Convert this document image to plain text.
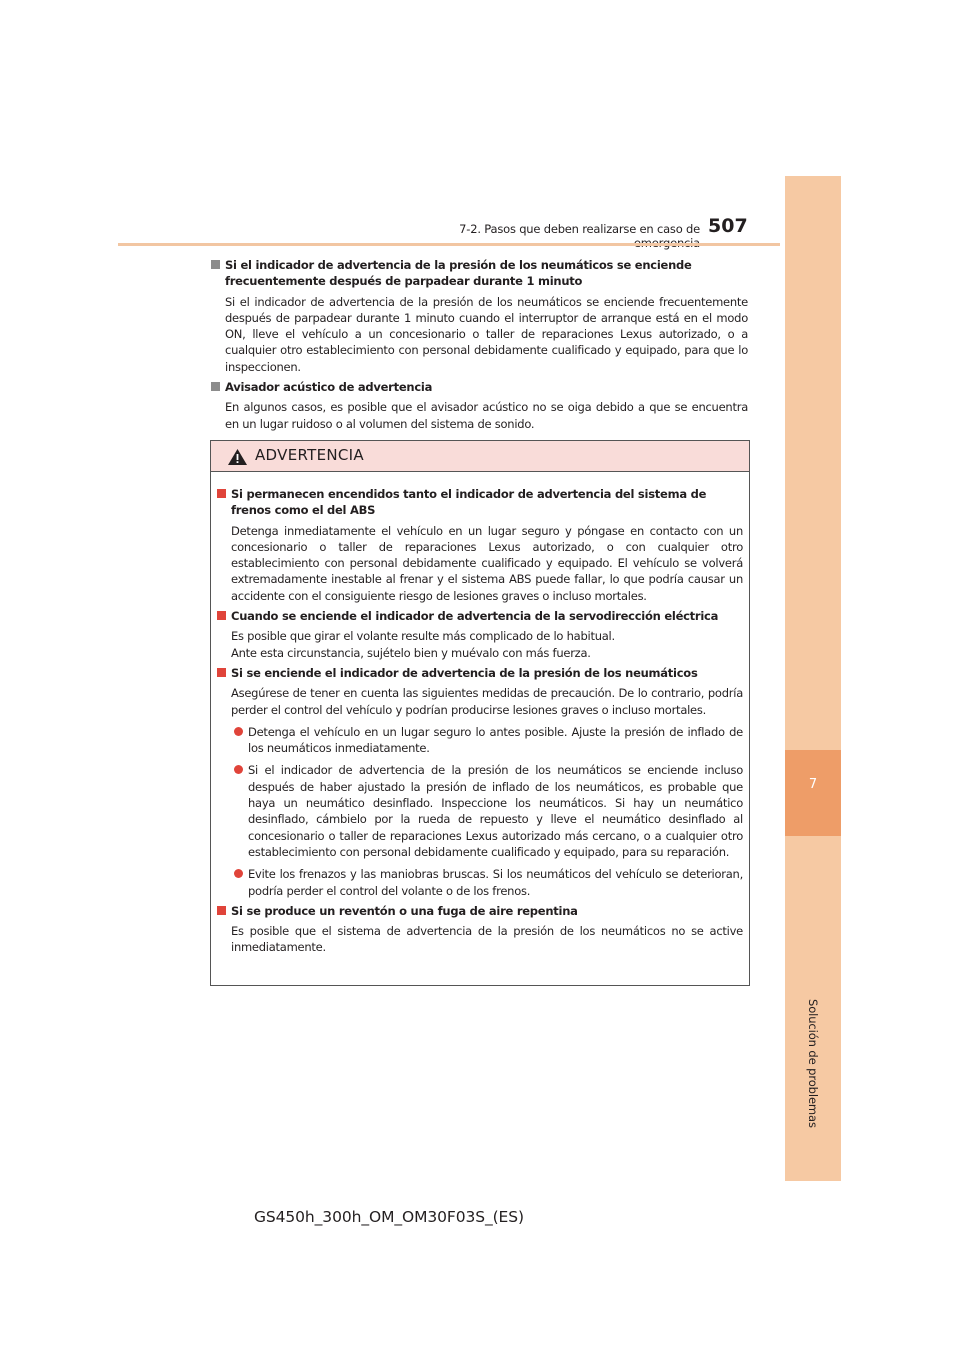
7-2. Pasos que deben realizarse en caso de 507
7
Solución de problemas

Si el indicador de advertencia de la presión de los neumáticos se enciende frecuentemente después de parpadear durante 1 minuto

Si el indicador de advertencia de la presión de los neumáticos se enciende frecuentemente después de parpadear durante 1 minuto cuando el interruptor de arranque está en el modo ON, lleve el vehículo a un concesionario o taller de reparaciones Lexus autorizado, o a cualquier otro establecimiento con personal debidamente cualificado y equipado, para que lo inspeccionen.

Avisador acústico de advertencia

En algunos casos, es posible que el avisador acústico no se oiga debido a que se encuentra en un lugar ruidoso o al volumen del sistema de sonido.

ADVERTENCIA

Si permanecen encendidos tanto el indicador de advertencia del sistema de frenos como el del ABS

Detenga inmediatamente el vehículo en un lugar seguro y póngase en contacto con un concesionario o taller de reparaciones Lexus autorizado, o con cualquier otro establecimiento con personal debidamente cualificado y equipado. El vehículo se volverá extremadamente inestable al frenar y el sistema ABS puede fallar, lo que podría causar un accidente con el consiguiente riesgo de lesiones graves o incluso mortales.

Cuando se enciende el indicador de advertencia de la servodirección eléctrica

Es posible que girar el volante resulte más complicado de lo habitual.
Ante esta circunstancia, sujételo bien y muévalo con más fuerza.

Si se enciende el indicador de advertencia de la presión de los neumáticos

Asegúrese de tener en cuenta las siguientes medidas de precaución. De lo contrario, podría perder el control del vehículo y podrían producirse lesiones graves o incluso mortales.

Detenga el vehículo en un lugar seguro lo antes posible. Ajuste la presión de inflado de los neumáticos inmediatamente.

Si el indicador de advertencia de la presión de los neumáticos se enciende incluso después de haber ajustado la presión de inflado de los neumáticos, es probable que haya un neumático desinflado. Inspeccione los neumáticos. Si hay un neumático desinflado, cámbielo por la rueda de repuesto y lleve el neumático desinflado al concesionario o taller de reparaciones Lexus autorizado más cercano, o a cualquier otro establecimiento con personal debidamente cualificado y equipado, para su reparación.

Evite los frenazos y las maniobras bruscas. Si los neumáticos del vehículo se deterioran, podría perder el control del volante o de los frenos.

Si se produce un reventón o una fuga de aire repentina

Es posible que el sistema de advertencia de la presión de los neumáticos no se active inmediatamente.

GS450h_300h_OM_OM30F03S_(ES)
